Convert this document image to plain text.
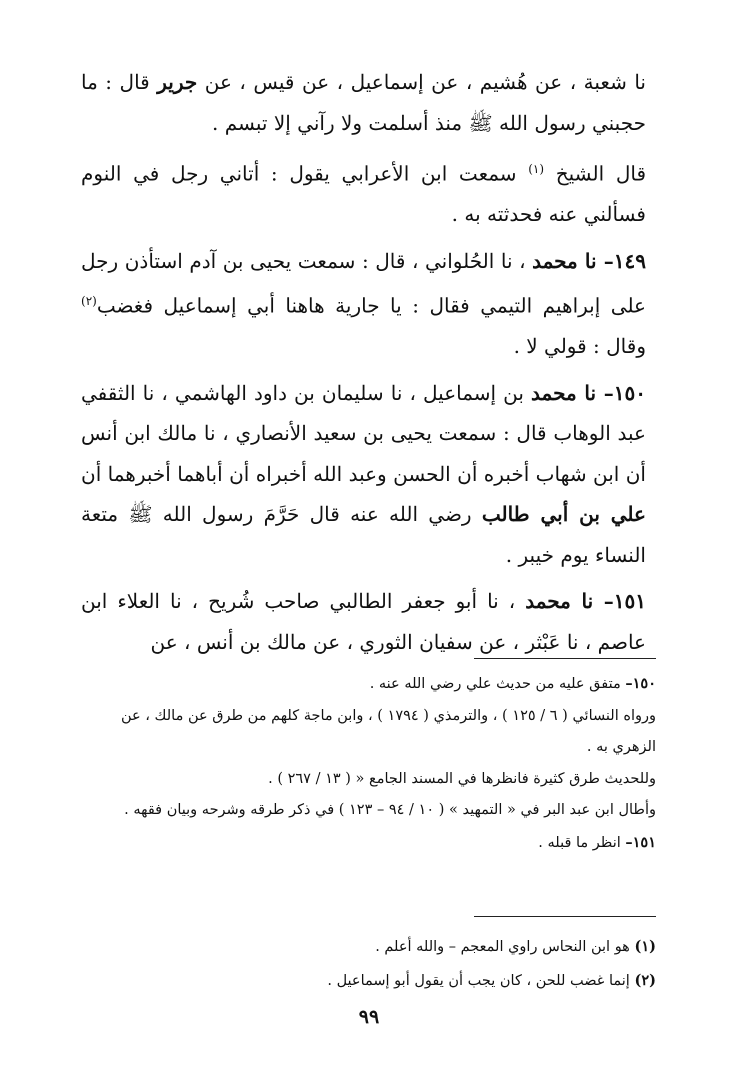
نا شعبة ، عن هُشيم ، عن إسماعيل ، عن قيس ، عن جرير قال : ما حجبني رسول الله ﷺ منذ أسلمت ولا رآني إلا تبسم .

قال الشيخ $^{(١)}$ سمعت ابن الأعرابي يقول : أتاني رجل في النوم فسألني عنه فحدثته به .

١٤٩– نا محمد ، نا الحُلواني ، قال : سمعت يحيى بن آدم استأذن رجل على إبراهيم التيمي فقال : يا جارية هاهنا أبي إسماعيل فغضب$^{(٢)}$ وقال : قولي لا .

١٥٠– نا محمد بن إسماعيل ، نا سليمان بن داود الهاشمي ، نا الثقفي عبد الوهاب قال : سمعت يحيى بن سعيد الأنصاري ، نا مالك ابن أنس أن ابن شهاب أخبره أن الحسن وعبد الله أخبراه أن أباهما أخبرهما أن علي بن أبي طالب رضي الله عنه قال حَرَّمَ رسول الله ﷺ متعة النساء يوم خيبر .

١٥١– نا محمد ، نا أبو جعفر الطالبي صاحب شُريح ، نا العلاء ابن عاصم ، نا عَبْثر ، عن سفيان الثوري ، عن مالك بن أنس ، عن

١٥٠– متفق عليه من حديث علي رضي الله عنه .

ورواه النسائي ( ٦ / ١٢٥ ) ، والترمذي ( ١٧٩٤ ) ، وابن ماجة كلهم من طرق عن مالك ، عن الزهري به .

وللحديث طرق كثيرة فانظرها في المسند الجامع « ( ١٣ / ٢٦٧ ) .

وأطال ابن عبد البر في « التمهيد » ( ١٠ / ٩٤ – ١٢٣ ) في ذكر طرقه وشرحه وبيان فقهه .

١٥١– انظر ما قبله .

(١) هو ابن النحاس راوي المعجم – والله أعلم .

(٢) إنما غضب للحن ، كان يجب أن يقول أبو إسماعيل .

٩٩
